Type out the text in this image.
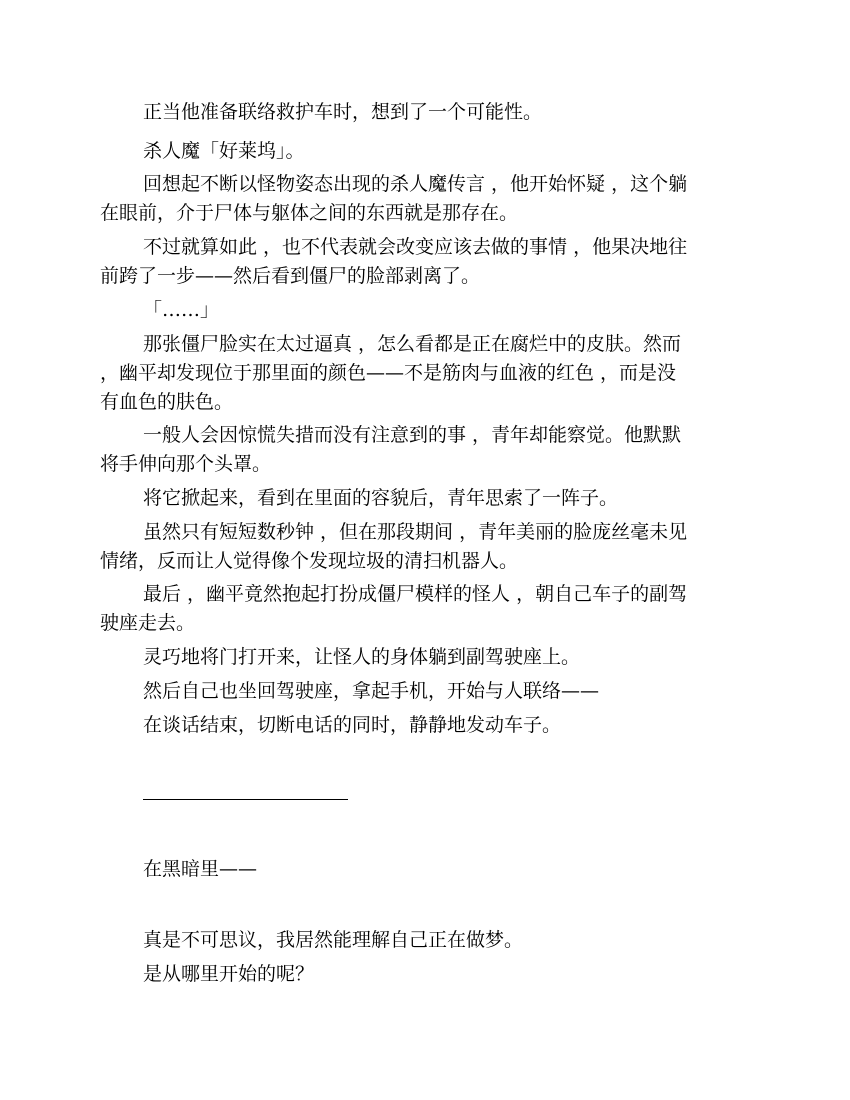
正当他准备联络救护车时，想到了一个可能性。
杀人魔「好莱坞」。
回想起不断以怪物姿态出现的杀人魔传言 ，他开始怀疑 ，这个躺
在眼前，介于尸体与躯体之间的东西就是那存在。
不过就算如此 ，也不代表就会改变应该去做的事情 ，他果决地往
前跨了一步——然后看到僵尸的脸部剥离了。
「……」
那张僵尸脸实在太过逼真 ，怎么看都是正在腐烂中的皮肤。然而
，幽平却发现位于那里面的颜色——不是筋肉与血液的红色 ，而是没
有血色的肤色。
一般人会因惊慌失措而没有注意到的事 ，青年却能察觉。他默默
将手伸向那个头罩。
将它掀起来，看到在里面的容貌后，青年思索了一阵子。
虽然只有短短数秒钟 ，但在那段期间 ，青年美丽的脸庞丝毫未见
情绪，反而让人觉得像个发现垃圾的清扫机器人。
最后 ，幽平竟然抱起打扮成僵尸模样的怪人 ，朝自己车子的副驾
驶座走去。
灵巧地将门打开来，让怪人的身体躺到副驾驶座上。
然后自己也坐回驾驶座，拿起手机，开始与人联络——
在谈话结束，切断电话的同时，静静地发动车子。
在黑暗里——
真是不可思议，我居然能理解自己正在做梦。
是从哪里开始的呢？
